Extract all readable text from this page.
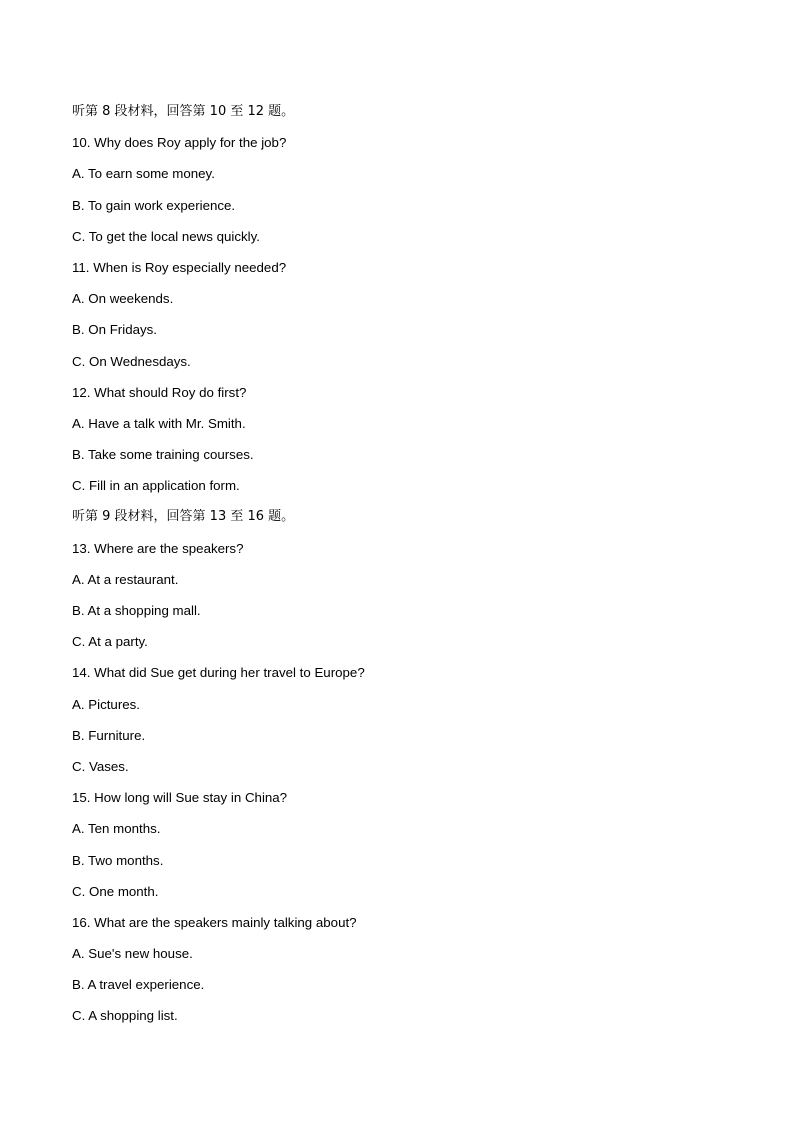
听第 8 段材料，回答第 10 至 12 题。
10. Why does Roy apply for the job?
A. To earn some money.
B. To gain work experience.
C. To get the local news quickly.
11. When is Roy especially needed?
A. On weekends.
B. On Fridays.
C. On Wednesdays.
12. What should Roy do first?
A. Have a talk with Mr. Smith.
B. Take some training courses.
C. Fill in an application form.
听第 9 段材料，回答第 13 至 16 题。
13. Where are the speakers?
A. At a restaurant.
B. At a shopping mall.
C. At a party.
14. What did Sue get during her travel to Europe?
A. Pictures.
B. Furniture.
C. Vases.
15. How long will Sue stay in China?
A. Ten months.
B. Two months.
C. One month.
16. What are the speakers mainly talking about?
A. Sue's new house.
B. A travel experience.
C. A shopping list.
